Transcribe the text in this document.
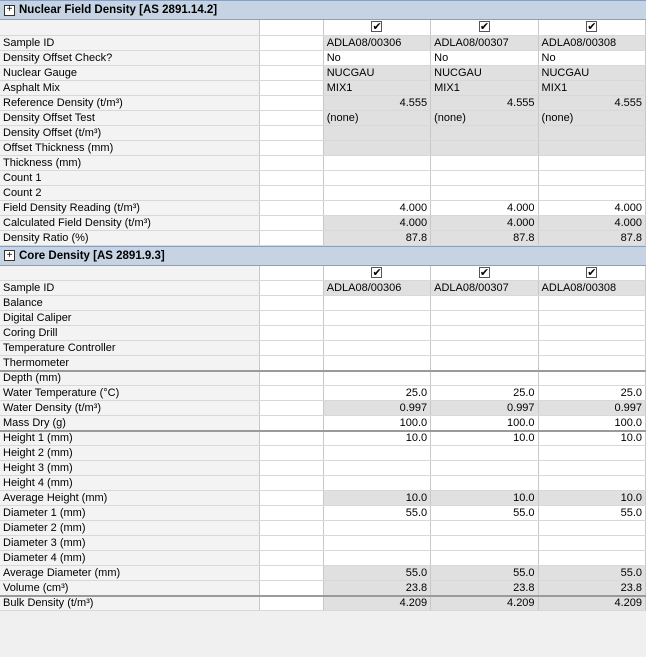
+ Nuclear Field Density [AS 2891.14.2]
		✔	✔	✔
Sample ID		ADLA08/00306	ADLA08/00307	ADLA08/00308
Density Offset Check?		No	No	No
Nuclear Gauge		NUCGAU	NUCGAU	NUCGAU
Asphalt Mix		MIX1	MIX1	MIX1
Reference Density (t/m³)		4.555	4.555	4.555
Density Offset Test		(none)	(none)	(none)
Density Offset (t/m³)				
Offset Thickness (mm)				
Thickness (mm)				
Count 1				
Count 2				
Field Density Reading (t/m³)		4.000	4.000	4.000
Calculated Field Density (t/m³)		4.000	4.000	4.000
Density Ratio (%)		87.8	87.8	87.8
+ Core Density [AS 2891.9.3]
		✔	✔	✔
Sample ID		ADLA08/00306	ADLA08/00307	ADLA08/00308
Balance				
Digital Caliper				
Coring Drill				
Temperature Controller				
Thermometer				
Depth (mm)				
Water Temperature (°C)		25.0	25.0	25.0
Water Density (t/m³)		0.997	0.997	0.997
Mass Dry (g)		100.0	100.0	100.0
Height 1 (mm)		10.0	10.0	10.0
Height 2 (mm)				
Height 3 (mm)				
Height 4 (mm)				
Average Height (mm)		10.0	10.0	10.0
Diameter 1 (mm)		55.0	55.0	55.0
Diameter 2 (mm)				
Diameter 3 (mm)				
Diameter 4 (mm)				
Average Diameter (mm)		55.0	55.0	55.0
Volume (cm³)		23.8	23.8	23.8
Bulk Density (t/m³)		4.209	4.209	4.209
